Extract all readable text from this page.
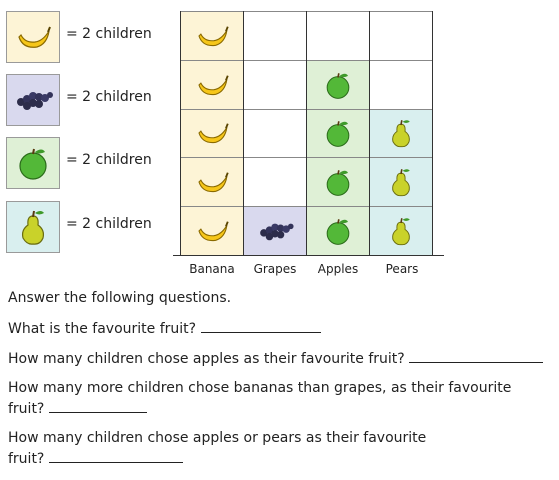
= 2 children
= 2 children
= 2 children
= 2 children
Banana	Grapes	Apples	Pears
Answer the following questions.
What is the favourite fruit?
How many children chose apples as their favourite fruit?
How many more children chose bananas than grapes, as their favourite
fruit?
How many children chose apples or pears as their favourite
fruit?
